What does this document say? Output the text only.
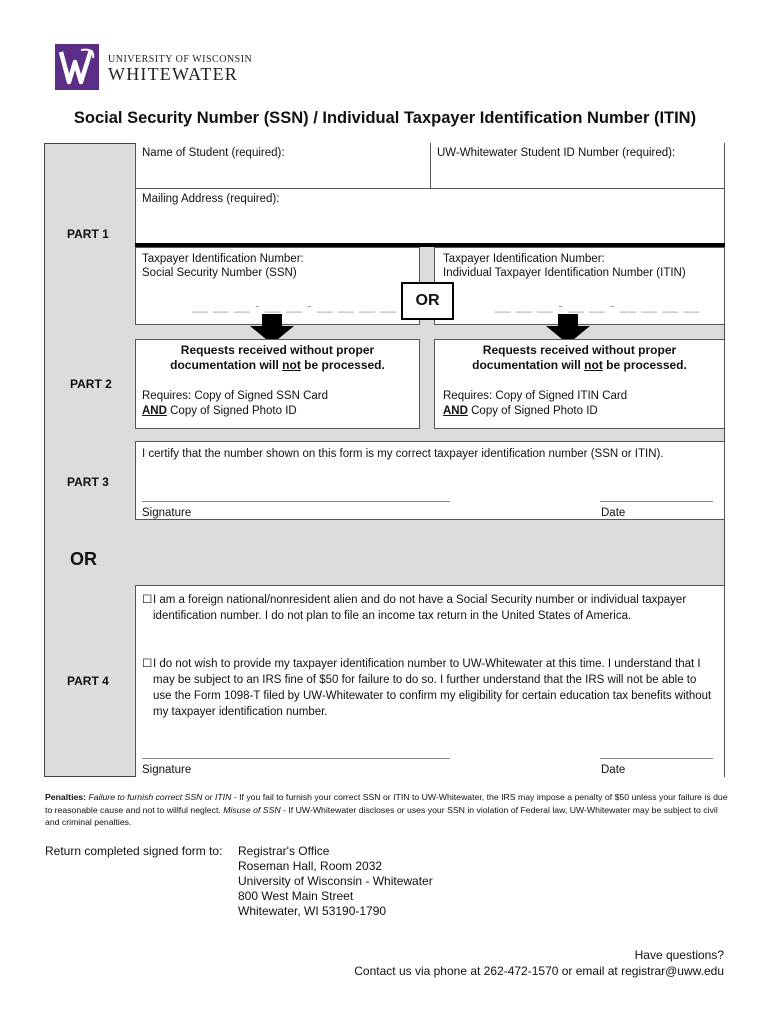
UNIVERSITY OF WISCONSIN
WHITEWATER
Social Security Number (SSN) / Individual Taxpayer Identification Number (ITIN)
PART 1
PART 2
PART 3
PART 4
OR
Name of Student (required):	UW-Whitewater Student ID Number (required):
Mailing Address (required):
Taxpayer Identification Number:
Social Security Number (SSN)
__ __ __ - __ __ - __ __ __ __
Taxpayer Identification Number:
Individual Taxpayer Identification Number (ITIN)
__ __ __ - __ __ - __ __ __ __
OR
Requests received without proper
documentation will not be processed.
Requires: Copy of Signed SSN Card
AND Copy of Signed Photo ID
Requests received without proper
documentation will not be processed.
Requires: Copy of Signed ITIN Card
AND Copy of Signed Photo ID
I certify that the number shown on this form is my correct taxpayer identification number (SSN or ITIN).
Signature	Date
☐ I am a foreign national/nonresident alien and do not have a Social Security number or individual taxpayer identification number. I do not plan to file an income tax return in the United States of America.
☐ I do not wish to provide my taxpayer identification number to UW-Whitewater at this time. I understand that I may be subject to an IRS fine of $50 for failure to do so. I further understand that the IRS will not be able to use the Form 1098-T filed by UW-Whitewater to confirm my eligibility for certain education tax benefits without my taxpayer identification number.
Signature	Date
Penalties: Failure to furnish correct SSN or ITIN - If you fail to furnish your correct SSN or ITIN to UW-Whitewater, the IRS may impose a penalty of $50 unless your failure is due to reasonable cause and not to willful neglect. Misuse of SSN - If UW-Whitewater discloses or uses your SSN in violation of Federal law, UW-Whitewater may be subject to civil and criminal penalties.
Return completed signed form to: Registrar's Office
Roseman Hall, Room 2032
University of Wisconsin - Whitewater
800 West Main Street
Whitewater, WI 53190-1790
Have questions?
Contact us via phone at 262-472-1570 or email at registrar@uww.edu
